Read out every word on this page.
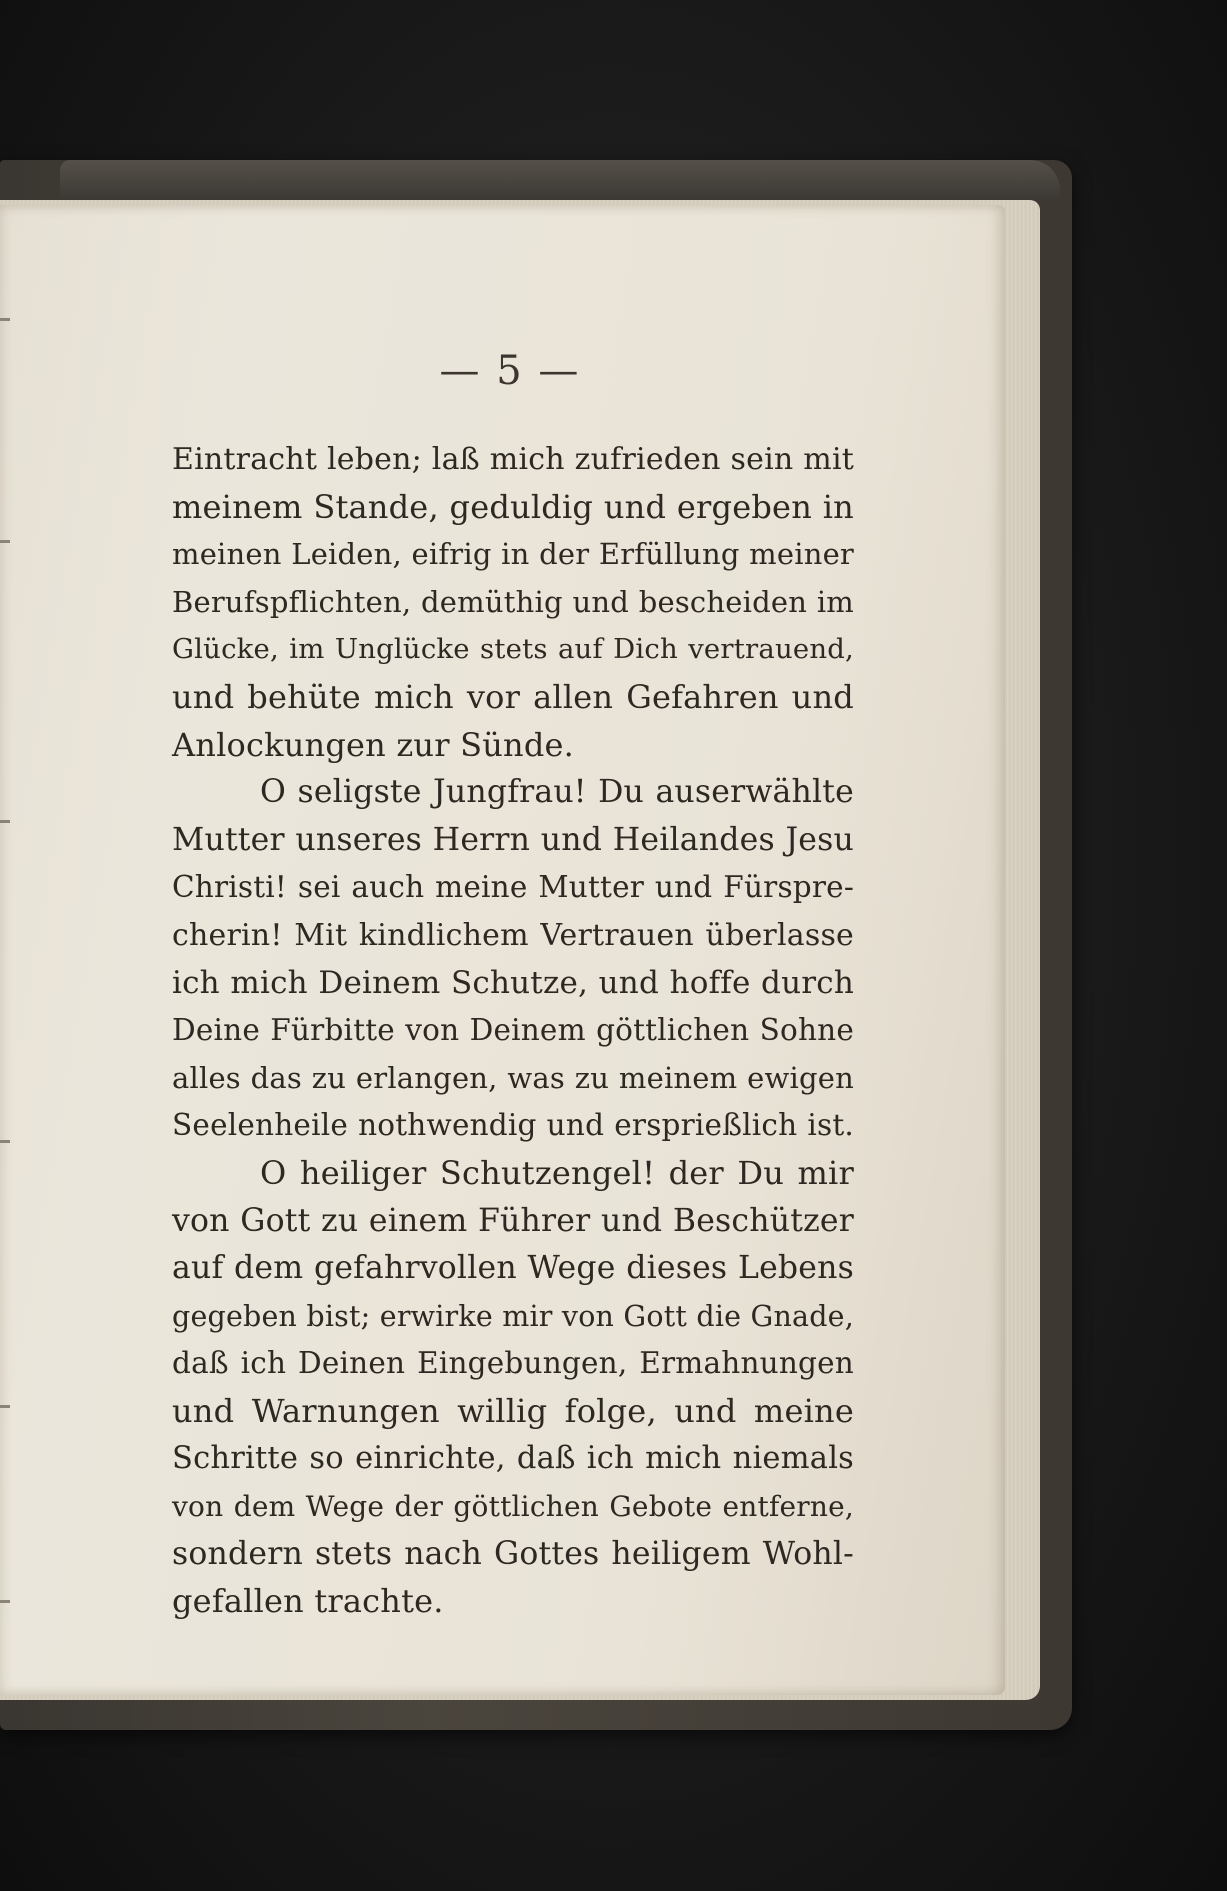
— 5 —
Eintracht leben; laß mich zufrieden sein mit
meinem Stande, geduldig und ergeben in
meinen Leiden, eifrig in der Erfüllung meiner
Berufspflichten, demüthig und bescheiden im
Glücke, im Unglücke stets auf Dich vertrauend,
und behüte mich vor allen Gefahren und
Anlockungen zur Sünde.
O seligste Jungfrau! Du auserwählte
Mutter unseres Herrn und Heilandes Jesu
Christi! sei auch meine Mutter und Fürspre-
cherin! Mit kindlichem Vertrauen überlasse
ich mich Deinem Schutze, und hoffe durch
Deine Fürbitte von Deinem göttlichen Sohne
alles das zu erlangen, was zu meinem ewigen
Seelenheile nothwendig und ersprießlich ist.
O heiliger Schutzengel! der Du mir
von Gott zu einem Führer und Beschützer
auf dem gefahrvollen Wege dieses Lebens
gegeben bist; erwirke mir von Gott die Gnade,
daß ich Deinen Eingebungen, Ermahnungen
und Warnungen willig folge, und meine
Schritte so einrichte, daß ich mich niemals
von dem Wege der göttlichen Gebote entferne,
sondern stets nach Gottes heiligem Wohl-
gefallen trachte.
